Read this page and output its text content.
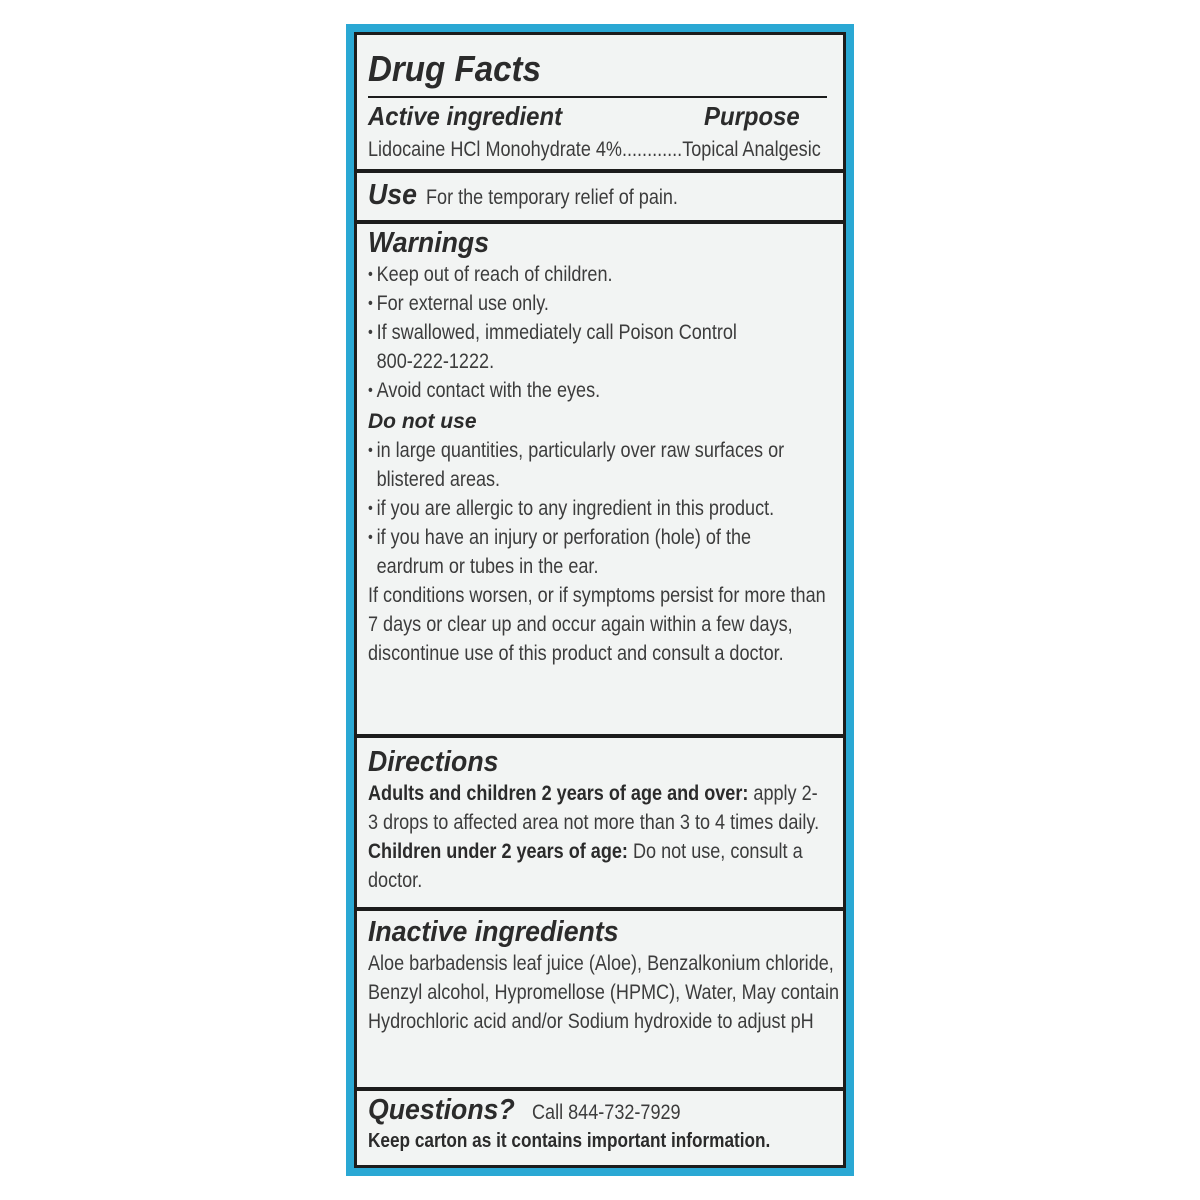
Drug Facts
Active ingredient	Purpose
Lidocaine HCl Monohydrate 4%............Topical Analgesic
Use For the temporary relief of pain.
Warnings
• Keep out of reach of children.
• For external use only.
• If swallowed, immediately call Poison Control 800-222-1222.
• Avoid contact with the eyes.
Do not use
• in large quantities, particularly over raw surfaces or blistered areas.
• if you are allergic to any ingredient in this product.
• if you have an injury or perforation (hole) of the eardrum or tubes in the ear.
If conditions worsen, or if symptoms persist for more than 7 days or clear up and occur again within a few days, discontinue use of this product and consult a doctor.
Directions
Adults and children 2 years of age and over: apply 2-3 drops to affected area not more than 3 to 4 times daily. Children under 2 years of age: Do not use, consult a doctor.
Inactive ingredients
Aloe barbadensis leaf juice (Aloe), Benzalkonium chloride, Benzyl alcohol, Hypromellose (HPMC), Water, May contain Hydrochloric acid and/or Sodium hydroxide to adjust pH
Questions? Call 844-732-7929
Keep carton as it contains important information.
